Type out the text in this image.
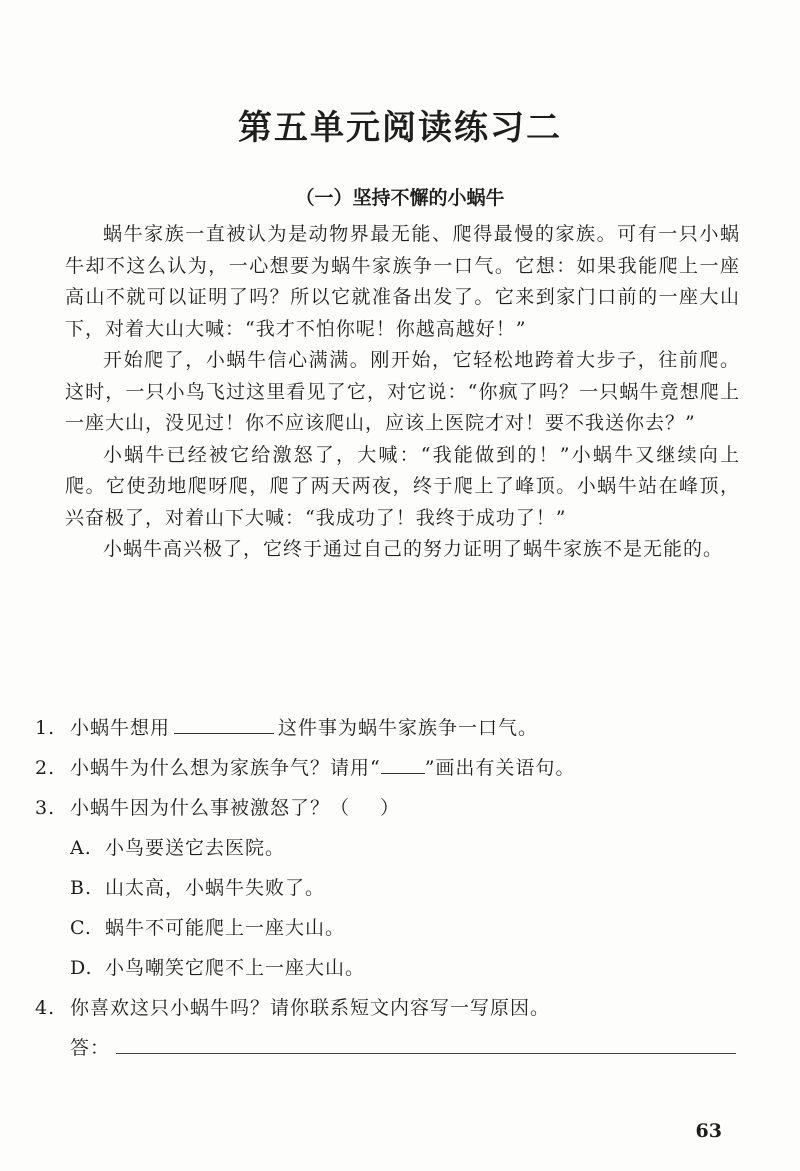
第五单元阅读练习二
（一）坚持不懈的小蜗牛

蜗牛家族一直被认为是动物界最无能、爬得最慢的家族。可有一只小蜗牛却不这么认为，一心想要为蜗牛家族争一口气。它想：如果我能爬上一座高山不就可以证明了吗？所以它就准备出发了。它来到家门口前的一座大山下，对着大山大喊：“我才不怕你呢！你越高越好！”

开始爬了，小蜗牛信心满满。刚开始，它轻松地跨着大步子，往前爬。这时，一只小鸟飞过这里看见了它，对它说：“你疯了吗？一只蜗牛竟想爬上一座大山，没见过！你不应该爬山，应该上医院才对！要不我送你去？”

小蜗牛已经被它给激怒了，大喊：“我能做到的！”小蜗牛又继续向上爬。它使劲地爬呀爬，爬了两天两夜，终于爬上了峰顶。小蜗牛站在峰顶，兴奋极了，对着山下大喊：“我成功了！我终于成功了！”

小蜗牛高兴极了，它终于通过自己的努力证明了蜗牛家族不是无能的。

1. 小蜗牛想用	这件事为蜗牛家族争一口气。
2. 小蜗牛为什么想为家族争气？请用“ ”画出有关语句。
3. 小蜗牛因为什么事被激怒了？（ ）
A. 小鸟要送它去医院。
B. 山太高，小蜗牛失败了。
C. 蜗牛不可能爬上一座大山。
D. 小鸟嘲笑它爬不上一座大山。
4. 你喜欢这只小蜗牛吗？请你联系短文内容写一写原因。
答：
63
